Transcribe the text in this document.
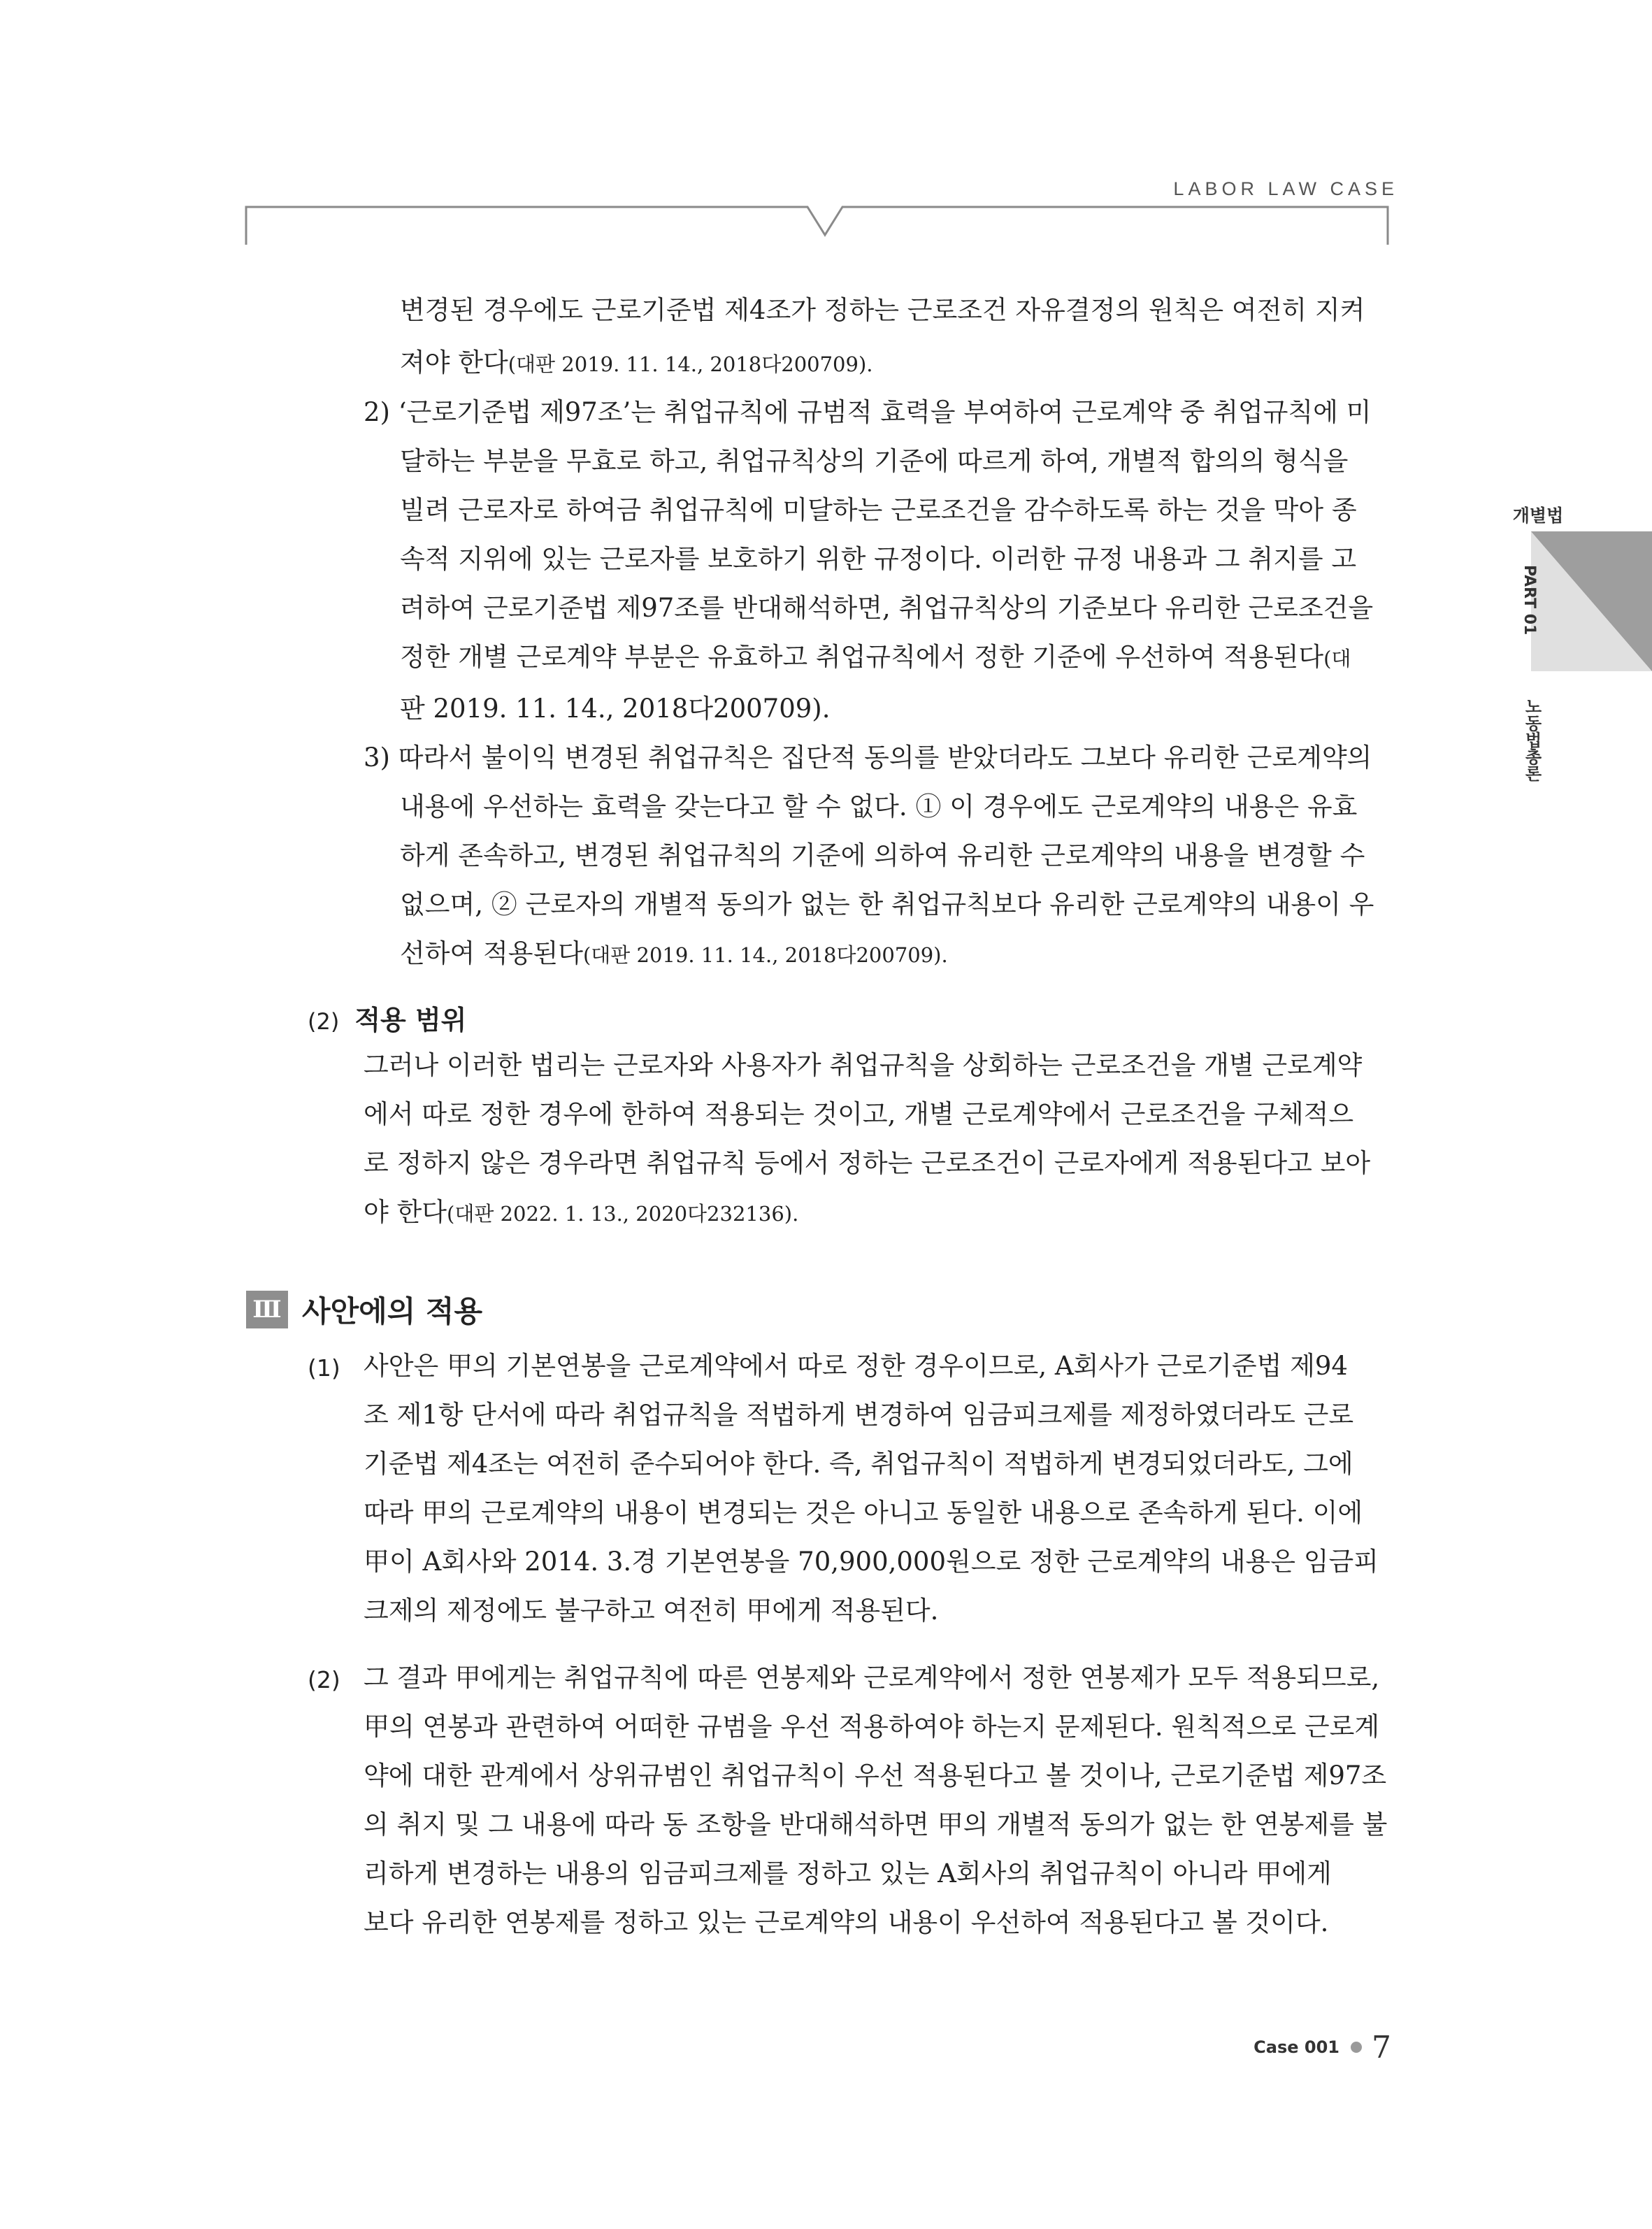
LABOR LAW CASE
개별법
PART 01
노동법총론

변경된 경우에도 근로기준법 제4조가 정하는 근로조건 자유결정의 원칙은 여전히 지켜

져야 한다(대판 2019. 11. 14., 2018다200709).

2) ‘근로기준법 제97조’는 취업규칙에 규범적 효력을 부여하여 근로계약 중 취업규칙에 미

달하는 부분을 무효로 하고, 취업규칙상의 기준에 따르게 하여, 개별적 합의의 형식을

빌려 근로자로 하여금 취업규칙에 미달하는 근로조건을 감수하도록 하는 것을 막아 종

속적 지위에 있는 근로자를 보호하기 위한 규정이다. 이러한 규정 내용과 그 취지를 고

려하여 근로기준법 제97조를 반대해석하면, 취업규칙상의 기준보다 유리한 근로조건을

정한 개별 근로계약 부분은 유효하고 취업규칙에서 정한 기준에 우선하여 적용된다(대

판 2019. 11. 14., 2018다200709).

3) 따라서 불이익 변경된 취업규칙은 집단적 동의를 받았더라도 그보다 유리한 근로계약의

내용에 우선하는 효력을 갖는다고 할 수 없다. ① 이 경우에도 근로계약의 내용은 유효

하게 존속하고, 변경된 취업규칙의 기준에 의하여 유리한 근로계약의 내용을 변경할 수

없으며, ② 근로자의 개별적 동의가 없는 한 취업규칙보다 유리한 근로계약의 내용이 우

선하여 적용된다(대판 2019. 11. 14., 2018다200709).

(2) 적용 범위

그러나 이러한 법리는 근로자와 사용자가 취업규칙을 상회하는 근로조건을 개별 근로계약

에서 따로 정한 경우에 한하여 적용되는 것이고, 개별 근로계약에서 근로조건을 구체적으

로 정하지 않은 경우라면 취업규칙 등에서 정하는 근로조건이 근로자에게 적용된다고 보아

야 한다(대판 2022. 1. 13., 2020다232136).

Ⅲ 사안에의 적용
(1) 사안은 甲의 기본연봉을 근로계약에서 따로 정한 경우이므로, A회사가 근로기준법 제94

조 제1항 단서에 따라 취업규칙을 적법하게 변경하여 임금피크제를 제정하였더라도 근로

기준법 제4조는 여전히 준수되어야 한다. 즉, 취업규칙이 적법하게 변경되었더라도, 그에

따라 甲의 근로계약의 내용이 변경되는 것은 아니고 동일한 내용으로 존속하게 된다. 이에

甲이 A회사와 2014. 3.경 기본연봉을 70,900,000원으로 정한 근로계약의 내용은 임금피

크제의 제정에도 불구하고 여전히 甲에게 적용된다.

(2) 그 결과 甲에게는 취업규칙에 따른 연봉제와 근로계약에서 정한 연봉제가 모두 적용되므로,

甲의 연봉과 관련하여 어떠한 규범을 우선 적용하여야 하는지 문제된다. 원칙적으로 근로계

약에 대한 관계에서 상위규범인 취업규칙이 우선 적용된다고 볼 것이나, 근로기준법 제97조

의 취지 및 그 내용에 따라 동 조항을 반대해석하면 甲의 개별적 동의가 없는 한 연봉제를 불

리하게 변경하는 내용의 임금피크제를 정하고 있는 A회사의 취업규칙이 아니라 甲에게

보다 유리한 연봉제를 정하고 있는 근로계약의 내용이 우선하여 적용된다고 볼 것이다.

Case 001 7
